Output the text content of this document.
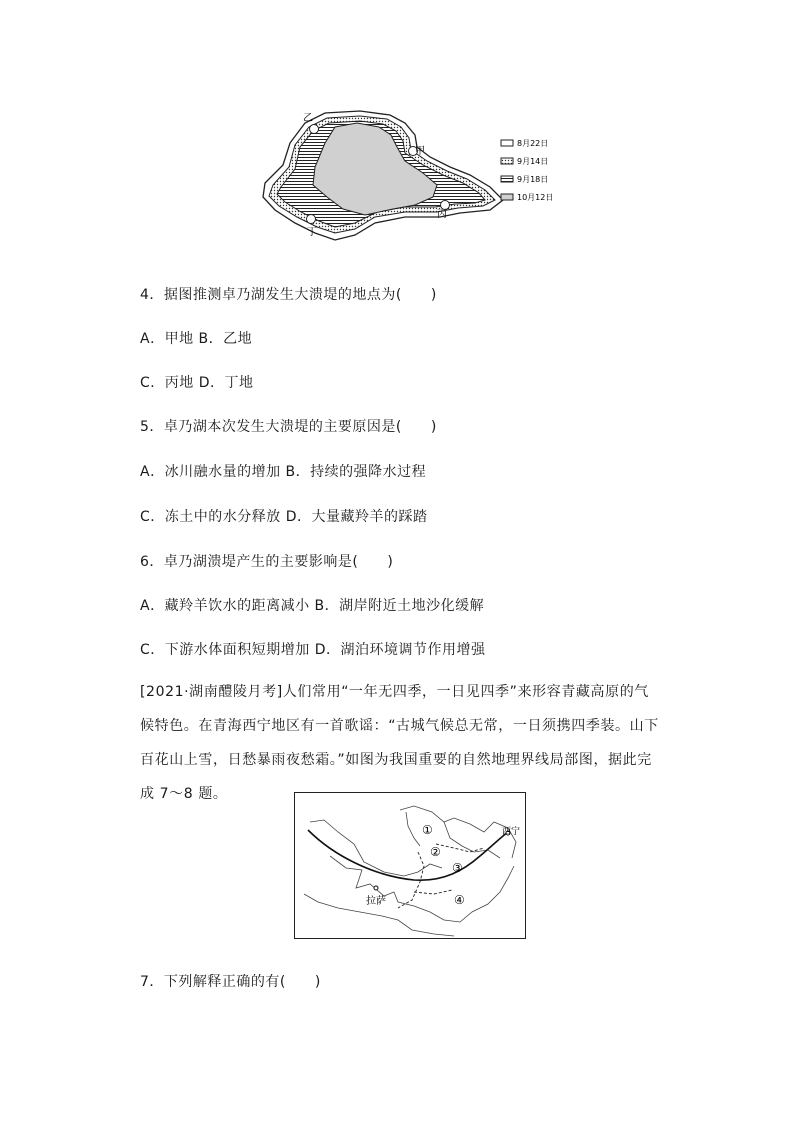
乙
甲
丙
丁
8月22日
9月14日
9月18日
10月12日
4．据图推测卓乃湖发生大溃堤的地点为(　　)
A．甲地 B．乙地
C．丙地 D．丁地
5．卓乃湖本次发生大溃堤的主要原因是(　　)
A．冰川融水量的增加 B．持续的强降水过程
C．冻土中的水分释放 D．大量藏羚羊的踩踏
6．卓乃湖溃堤产生的主要影响是(　　)
A．藏羚羊饮水的距离减小 B．湖岸附近土地沙化缓解
C．下游水体面积短期增加 D．湖泊环境调节作用增强
[2021·湖南醴陵月考]人们常用“一年无四季，一日见四季”来形容青藏高原的气候特色。在青海西宁地区有一首歌谣：“古城气候总无常，一日须携四季装。山下百花山上雪，日愁暴雨夜愁霜。”如图为我国重要的自然地理界线局部图，据此完成 7～8 题。
西宁
拉萨
①
②
③
④
7．下列解释正确的有(　　)
